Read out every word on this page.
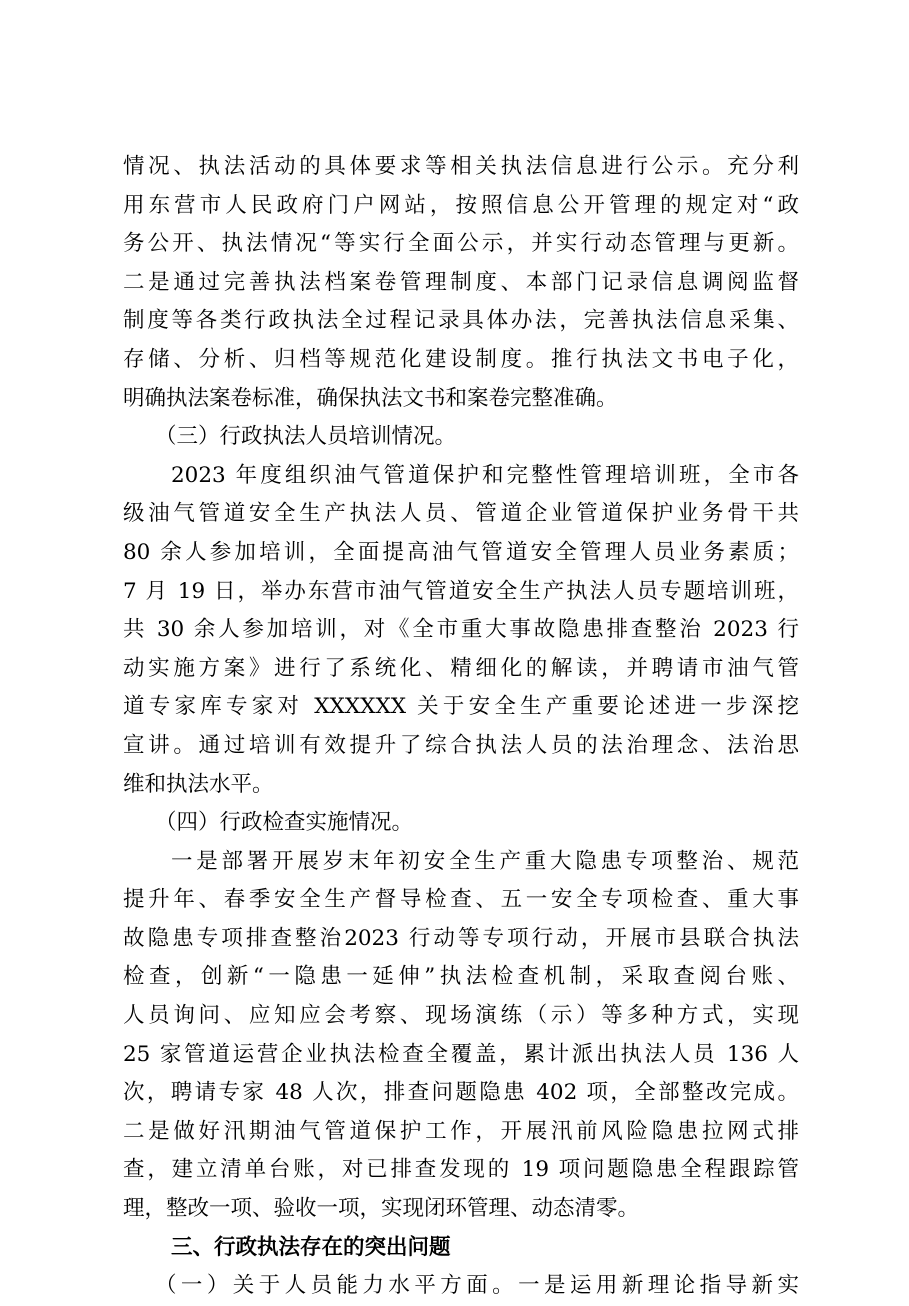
情况、执法活动的具体要求等相关执法信息进行公示。充分利
用东营市人民政府门户网站，按照信息公开管理的规定对“政
务公开、执法情况“等实行全面公示，并实行动态管理与更新。
二是通过完善执法档案卷管理制度、本部门记录信息调阅监督
制度等各类行政执法全过程记录具体办法，完善执法信息采集、
存储、分析、归档等规范化建设制度。推行执法文书电子化，
明确执法案卷标准，确保执法文书和案卷完整准确。
（三）行政执法人员培训情况。
2023 年度组织油气管道保护和完整性管理培训班，全市各
级油气管道安全生产执法人员、管道企业管道保护业务骨干共
80 余人参加培训，全面提高油气管道安全管理人员业务素质；
7 月 19 日，举办东营市油气管道安全生产执法人员专题培训班，
共 30 余人参加培训，对《全市重大事故隐患排查整治 2023 行
动实施方案》进行了系统化、精细化的解读，并聘请市油气管
道专家库专家对 XXXXXX 关于安全生产重要论述进一步深挖
宣讲。通过培训有效提升了综合执法人员的法治理念、法治思
维和执法水平。
（四）行政检查实施情况。
一是部署开展岁末年初安全生产重大隐患专项整治、规范
提升年、春季安全生产督导检查、五一安全专项检查、重大事
故隐患专项排查整治2023 行动等专项行动，开展市县联合执法
检查，创新“一隐患一延伸”执法检查机制，采取查阅台账、
人员询问、应知应会考察、现场演练（示）等多种方式，实现
25 家管道运营企业执法检查全覆盖，累计派出执法人员 136 人
次，聘请专家 48 人次，排查问题隐患 402 项，全部整改完成。
二是做好汛期油气管道保护工作，开展汛前风险隐患拉网式排
查，建立清单台账，对已排查发现的 19 项问题隐患全程跟踪管
理，整改一项、验收一项，实现闭环管理、动态清零。
三、行政执法存在的突出问题
（一）关于人员能力水平方面。一是运用新理论指导新实
